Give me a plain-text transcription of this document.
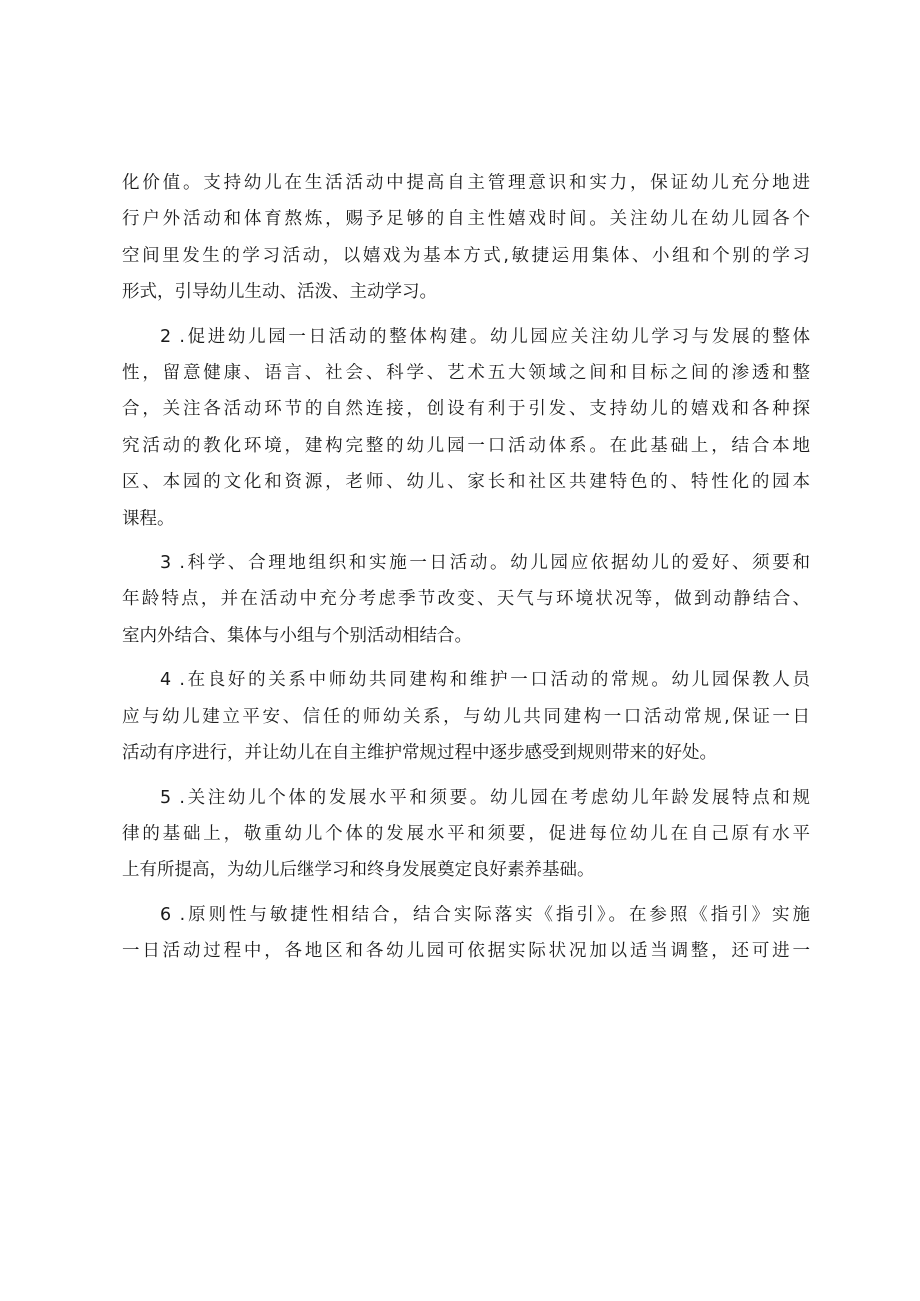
化价值。支持幼儿在生活活动中提高自主管理意识和实力，保证幼儿充分地进
行户外活动和体育熬炼，赐予足够的自主性嬉戏时间。关注幼儿在幼儿园各个
空间里发生的学习活动，以嬉戏为基本方式,敏捷运用集体、小组和个别的学习
形式，引导幼儿生动、活泼、主动学习。
2 .促进幼儿园一日活动的整体构建。幼儿园应关注幼儿学习与发展的整体
性，留意健康、语言、社会、科学、艺术五大领域之间和目标之间的渗透和整
合，关注各活动环节的自然连接，创设有利于引发、支持幼儿的嬉戏和各种探
究活动的教化环境，建构完整的幼儿园一口活动体系。在此基础上，结合本地
区、本园的文化和资源，老师、幼儿、家长和社区共建特色的、特性化的园本
课程。
3 .科学、合理地组织和实施一日活动。幼儿园应依据幼儿的爱好、须要和
年龄特点，并在活动中充分考虑季节改变、天气与环境状况等，做到动静结合、
室内外结合、集体与小组与个别活动相结合。
4 .在良好的关系中师幼共同建构和维护一口活动的常规。幼儿园保教人员
应与幼儿建立平安、信任的师幼关系，与幼儿共同建构一口活动常规,保证一日
活动有序进行，并让幼儿在自主维护常规过程中逐步感受到规则带来的好处。
5 .关注幼儿个体的发展水平和须要。幼儿园在考虑幼儿年龄发展特点和规
律的基础上，敬重幼儿个体的发展水平和须要，促进每位幼儿在自己原有水平
上有所提高，为幼儿后继学习和终身发展奠定良好素养基础。
6 .原则性与敏捷性相结合，结合实际落实《指引》。在参照《指引》实施
一日活动过程中，各地区和各幼儿园可依据实际状况加以适当调整，还可进一
